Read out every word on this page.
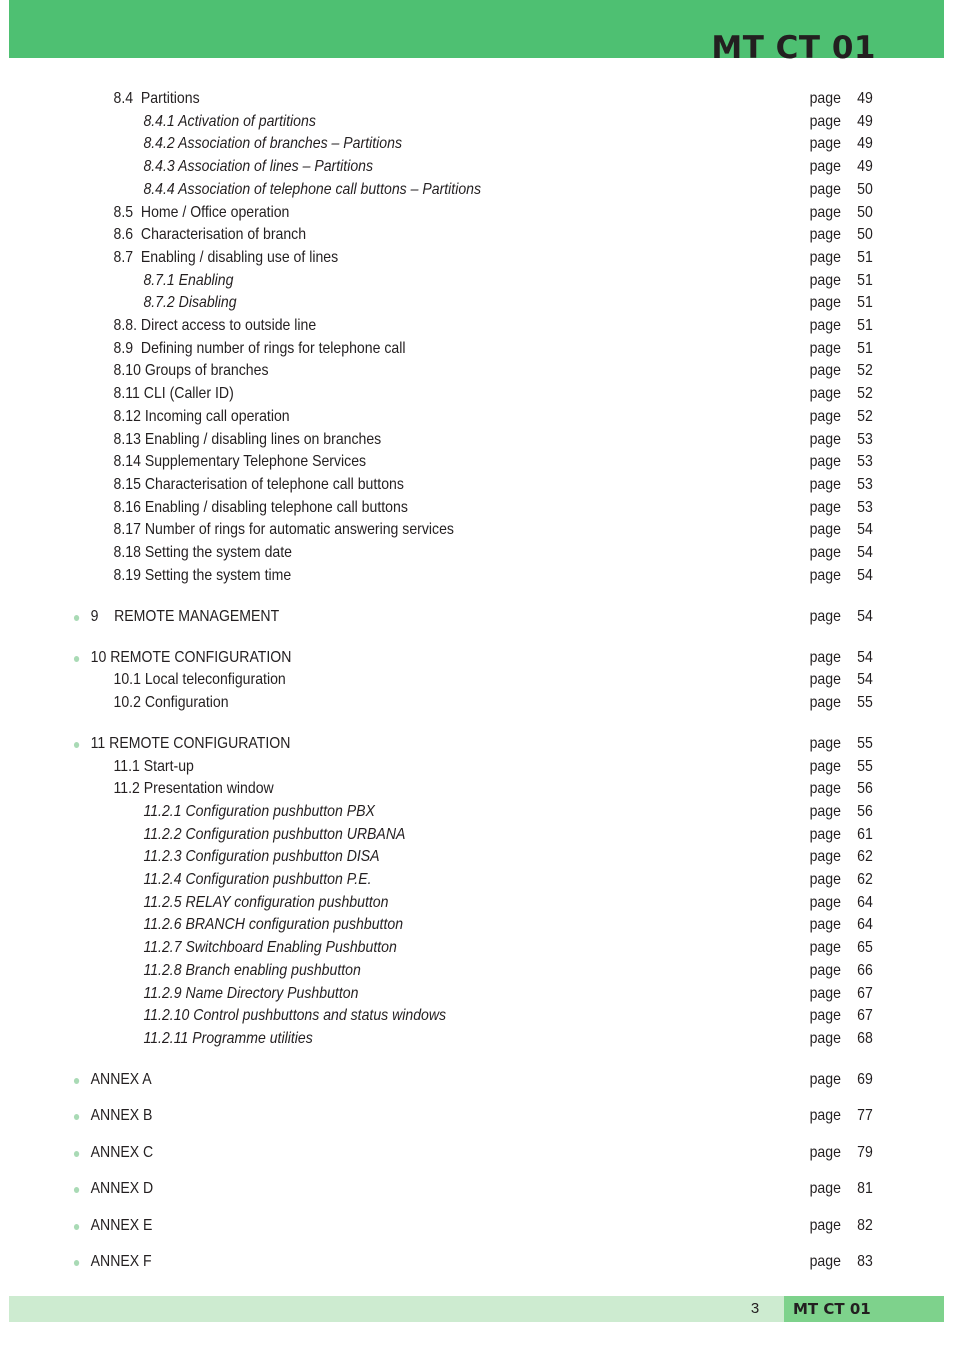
MT CT 01
8.4  Partitions	page 49
8.4.1 Activation of partitions	page 49
8.4.2 Association of branches – Partitions	page 49
8.4.3 Association of lines – Partitions	page 49
8.4.4 Association of telephone call buttons – Partitions	page 50
8.5  Home / Office operation	page 50
8.6  Characterisation of branch	page 50
8.7  Enabling / disabling use of lines	page 51
8.7.1 Enabling	page 51
8.7.2 Disabling	page 51
8.8. Direct access to outside line	page 51
8.9  Defining number of rings for telephone call	page 51
8.10 Groups of branches	page 52
8.11 CLI (Caller ID)	page 52
8.12 Incoming call operation	page 52
8.13 Enabling / disabling lines on branches	page 53
8.14 Supplementary Telephone Services	page 53
8.15 Characterisation of telephone call buttons	page 53
8.16 Enabling / disabling telephone call buttons	page 53
8.17 Number of rings for automatic answering services	page 54
8.18 Setting the system date	page 54
8.19 Setting the system time	page 54
9    REMOTE MANAGEMENT	page 54
10 REMOTE CONFIGURATION	page 54
10.1 Local teleconfiguration	page 54
10.2 Configuration	page 55
11 REMOTE CONFIGURATION	page 55
11.1 Start-up	page 55
11.2 Presentation window	page 56
11.2.1 Configuration pushbutton PBX	page 56
11.2.2 Configuration pushbutton URBANA	page 61
11.2.3 Configuration pushbutton DISA	page 62
11.2.4 Configuration pushbutton P.E.	page 62
11.2.5 RELAY configuration pushbutton	page 64
11.2.6 BRANCH configuration pushbutton	page 64
11.2.7 Switchboard Enabling Pushbutton	page 65
11.2.8 Branch enabling pushbutton	page 66
11.2.9 Name Directory Pushbutton	page 67
11.2.10 Control pushbuttons and status windows	page 67
11.2.11 Programme utilities	page 68
ANNEX A	page 69
ANNEX B	page 77
ANNEX C	page 79
ANNEX D	page 81
ANNEX E	page 82
ANNEX F	page 83
3	MT CT 01
